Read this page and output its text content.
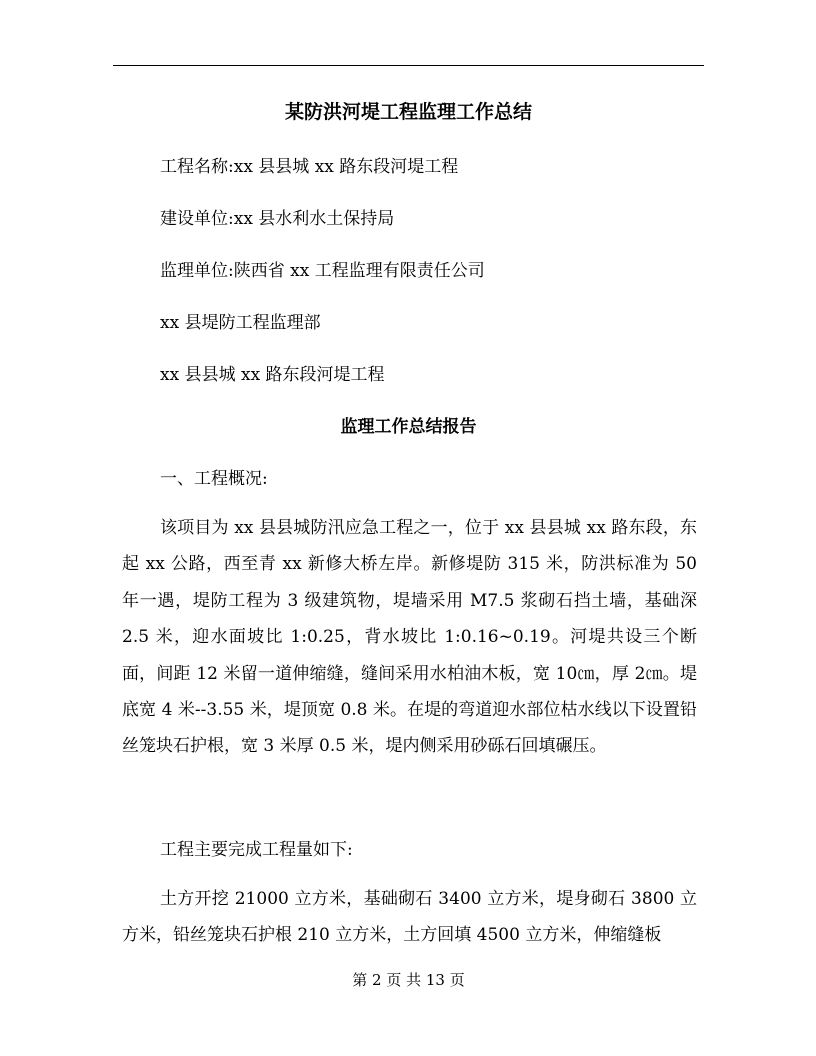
某防洪河堤工程监理工作总结
工程名称:xx 县县城 xx 路东段河堤工程
建设单位:xx 县水利水土保持局
监理单位:陕西省 xx 工程监理有限责任公司
xx 县堤防工程监理部
xx 县县城 xx 路东段河堤工程
监理工作总结报告
一、工程概况:

该项目为 xx 县县城防汛应急工程之一，位于 xx 县县城 xx 路东段，东起 xx 公路，西至青 xx 新修大桥左岸。新修堤防 315 米，防洪标准为 50 年一遇，堤防工程为 3 级建筑物，堤墙采用 M7.5 浆砌石挡土墙，基础深 2.5 米，迎水面坡比 1:0.25，背水坡比 1:0.16~0.19。河堤共设三个断面，间距 12 米留一道伸缩缝，缝间采用水柏油木板，宽 10㎝，厚 2㎝。堤底宽 4 米--3.55 米，堤顶宽 0.8 米。在堤的弯道迎水部位枯水线以下设置铅丝笼块石护根，宽 3 米厚 0.5 米，堤内侧采用砂砾石回填碾压。

工程主要完成工程量如下:

土方开挖 21000 立方米，基础砌石 3400 立方米，堤身砌石 3800 立方米，铅丝笼块石护根 210 立方米，土方回填 4500 立方米，伸缩缝板

第 2 页 共 13 页
